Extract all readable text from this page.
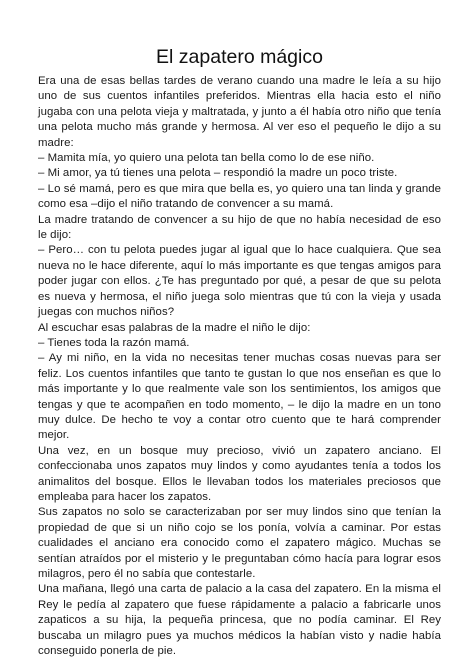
El zapatero mágico

Era una de esas bellas tardes de verano cuando una madre le leía a su hijo uno de sus cuentos infantiles preferidos. Mientras ella hacia esto el niño jugaba con una pelota vieja y maltratada, y junto a él había otro niño que tenía una pelota mucho más grande y hermosa. Al ver eso el pequeño le dijo a su madre:

– Mamita mía, yo quiero una pelota tan bella como lo de ese niño.

– Mi amor, ya tú tienes una pelota – respondió la madre un poco triste.

– Lo sé mamá, pero es que mira que bella es, yo quiero una tan linda y grande como esa –dijo el niño tratando de convencer a su mamá.

La madre tratando de convencer a su hijo de que no había necesidad de eso le dijo:

– Pero… con tu pelota puedes jugar al igual que lo hace cualquiera. Que sea nueva no le hace diferente, aquí lo más importante es que tengas amigos para poder jugar con ellos. ¿Te has preguntado por qué, a pesar de que su pelota es nueva y hermosa, el niño juega solo mientras que tú con la vieja y usada juegas con muchos niños?

Al escuchar esas palabras de la madre el niño le dijo:

– Tienes toda la razón mamá.

– Ay mi niño, en la vida no necesitas tener muchas cosas nuevas para ser feliz. Los cuentos infantiles que tanto te gustan lo que nos enseñan es que lo más importante y lo que realmente vale son los sentimientos, los amigos que tengas y que te acompañen en todo momento, – le dijo la madre en un tono muy dulce. De hecho te voy a contar otro cuento que te hará comprender mejor.

Una vez, en un bosque muy precioso, vivió un zapatero anciano. El confeccionaba unos zapatos muy lindos y como ayudantes tenía a todos los animalitos del bosque. Ellos le llevaban todos los materiales preciosos que empleaba para hacer los zapatos.

Sus zapatos no solo se caracterizaban por ser muy lindos sino que tenían la propiedad de que si un niño cojo se los ponía, volvía a caminar. Por estas cualidades el anciano era conocido como el zapatero mágico. Muchas se sentían atraídos por el misterio y le preguntaban cómo hacía para lograr esos milagros, pero él no sabía que contestarle.

Una mañana, llegó una carta de palacio a la casa del zapatero. En la misma el Rey le pedía al zapatero que fuese rápidamente a palacio a fabricarle unos zapaticos a su hija, la pequeña princesa, que no podía caminar. El Rey buscaba un milagro pues ya muchos médicos la habían visto y nadie había conseguido ponerla de pie.
